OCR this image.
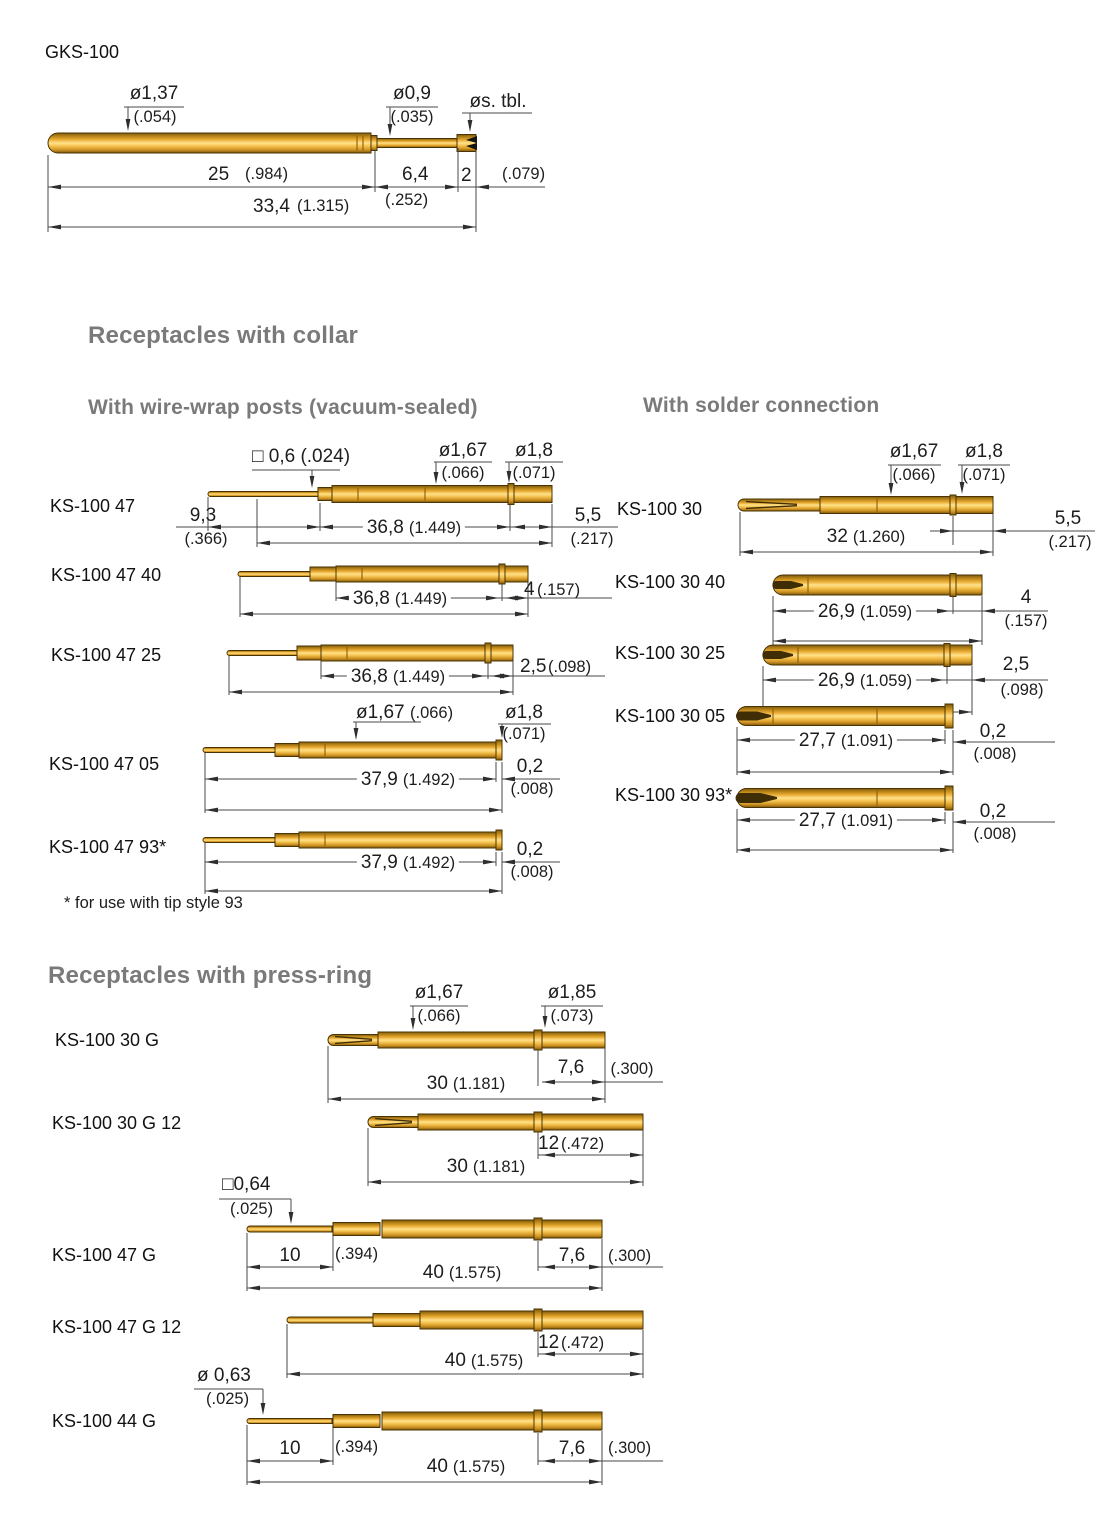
GKS-100
Receptacles with collar
With wire-wrap posts (vacuum-sealed)	With solder connection
* for use with tip style 93
Receptacles with press-ring
KS-100 47
KS-100 47 40
KS-100 47 25
KS-100 47 05
KS-100 47 93*
KS-100 30
KS-100 30 40
KS-100 30 25
KS-100 30 05
KS-100 30 93*
KS-100 30 G
KS-100 30 G 12
KS-100 47 G
KS-100 47 G 12
KS-100 44 G
ø1,37
(.054)
ø0,9
(.035)
øs. tbl.
25 (.984)	6,4
(.252)
2 (.079)
33,4 (1.315)
□ 0,6 (.024)	ø1,67
(.066)
ø1,8
(.071)
9,3
(.366)
36,8 (1.449)
5,5
(.217)
36,8 (1.449)	4 (.157)
36,8 (1.449)	2,5 (.098)
ø1,67 (.066)	ø1,8
(.071)
37,9 (1.492)
0,2
(.008)
37,9 (1.492)
0,2
(.008)
ø1,67
(.066)
ø1,8
(.071)
32 (1.260)
5,5
(.217)
26,9 (1.059)
4
(.157)
26,9 (1.059)
2,5
(.098)
27,7 (1.091)	0,2
(.008)
27,7 (1.091)	0,2
(.008)
ø1,67
(.066)
ø1,85
(.073)
7,6 (.300)
30 (1.181)
12 (.472)
30 (1.181)
□0,64
(.025)
10 (.394)	7,6 (.300)
40 (1.575)
12 (.472)
40 (1.575)
ø 0,63
(.025)
10 (.394)	7,6 (.300)
40 (1.575)
